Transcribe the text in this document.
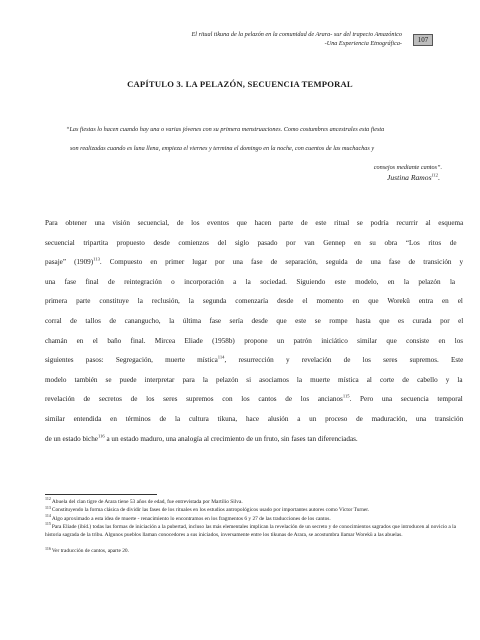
El ritual tikuna de la pelazón en la comunidad de Arara- sur del trapecio Amazónico
-Una Experiencia Etnográfica-	107
CAPÍTULO 3. LA PELAZÓN, SECUENCIA TEMPORAL
“Las fiestas lo hacen cuando hay una o varias jóvenes con su primera menstruaciones. Como costumbres ancestrales esta fiesta
son realizadas cuando es luna llena, empieza el viernes y termina el domingo en la noche, con cuentos de las muchachas y
consejos mediante cantos”.
Justina Ramos$^{112}$.
Para obtener una visión secuencial, de los eventos que hacen parte de este ritual se podría recurrir al esquema
secuencial tripartita propuesto desde comienzos del siglo pasado por van Gennep en su obra “Los ritos de
pasaje” $(1909)^{113}$. Compuesto en primer lugar por una fase de separación, seguida de una fase de transición y
una fase final de reintegración o incorporación a la sociedad. Siguiendo este modelo, en la pelazón la
primera parte constituye la reclusión, la segunda comenzaría desde el momento en que Worekü entra en el
corral de tallos de canangucho, la última fase sería desde que este se rompe hasta que es curada por el
chamán en el baño final. Mircea Eliade (1958b) propone un patrón iniciático similar que consiste en los
siguientes pasos: Segregación, muerte mística$^{114}$, resurrección y revelación de los seres supremos. Este
modelo también se puede interpretar para la pelazón si asociamos la muerte mística al corte de cabello y la
revelación de secretos de los seres supremos con los cantos de los ancianos$^{115}$. Pero una secuencia temporal
similar entendida en términos de la cultura tikuna, hace alusión a un proceso de maduración, una transición
de un estado biche$^{116}$ a un estado maduro, una analogía al crecimiento de un fruto, sin fases tan diferenciadas.
$^{112}$Abuela del clan tigre de Arara tiene 53 años de edad, fue entrevistada por Martilio Silva.
$^{113}$Constituyendo la forma clásica de dividir las fases de los rituales en los estudios antropológicos usado por importantes autores como Victor Turner.
$^{114}$Algo aproximado a esta idea de muerte - renacimiento lo encontramos en los fragmentos 6 y 27 de las traducciones de los cantos.
$^{115}$Para Eliade (ibíd.) todas las formas de iniciación a la pubertad, incluso las más elementales implican la revelación de un secreto y de conocimientos sagrados que introducen al novicio a la historia sagrada de la tribu. Algunos pueblos llaman conocedores a sus iniciados, inversamente entre los tikunas de Arara, se acostumbra llamar Worekü a las abuelas.
$^{116}$Ver traducción de cantos, aparte 20.
